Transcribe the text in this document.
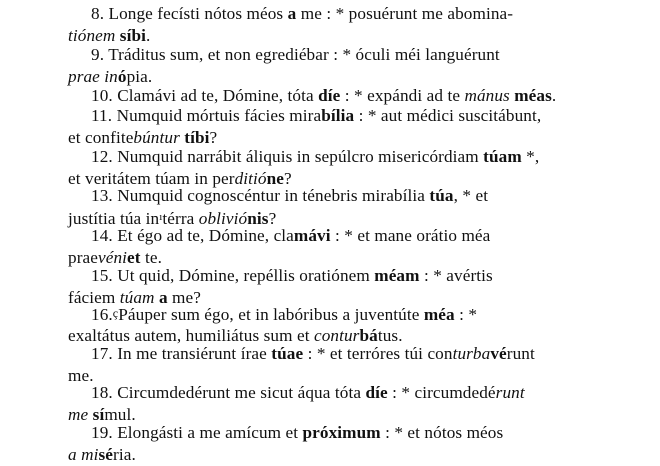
8. Longe fecísti nótos méos a me : * posuérunt me abomina-
tiónem síbi.
9. Tráditus sum, et non egrediébar : * óculi méi languérunt
prae inópia.
10. Clamávi ad te, Dómine, tóta díe : * expándi ad te mánus méas.
11. Numquid mórtuis fácies mirabília : * aut médici suscitábunt,
et confitebúntur tíbi?
12. Numquid narrábit áliquis in sepúlcro misericórdiam túam *,
et veritátem túam in perditióne?
13. Numquid cognoscéntur in ténebris mirabília túa, * et
justítia túa $in^ıtérra$ obliviónis?
14. Et égo ad te, Dómine, clamávi : * et mane orátio méa
praevéniet te.
15. Ut quid, Dómine, repéllis oratiónem méam : * avértis
fáciem túam a me?
16.çPáuper sum égo, et in labóribus a juventúte méa : *
exaltátus autem, humiliátus sum et conturbátus.
17. In me transiérunt írae túae : * et terróres túi conturbavérunt
me.
18. Circumdedérunt me sicut áqua tóta díe : * circumdedérunt
me símul.
19. Elongásti a me amícum et próximum : * et nótos méos
a miséria.
